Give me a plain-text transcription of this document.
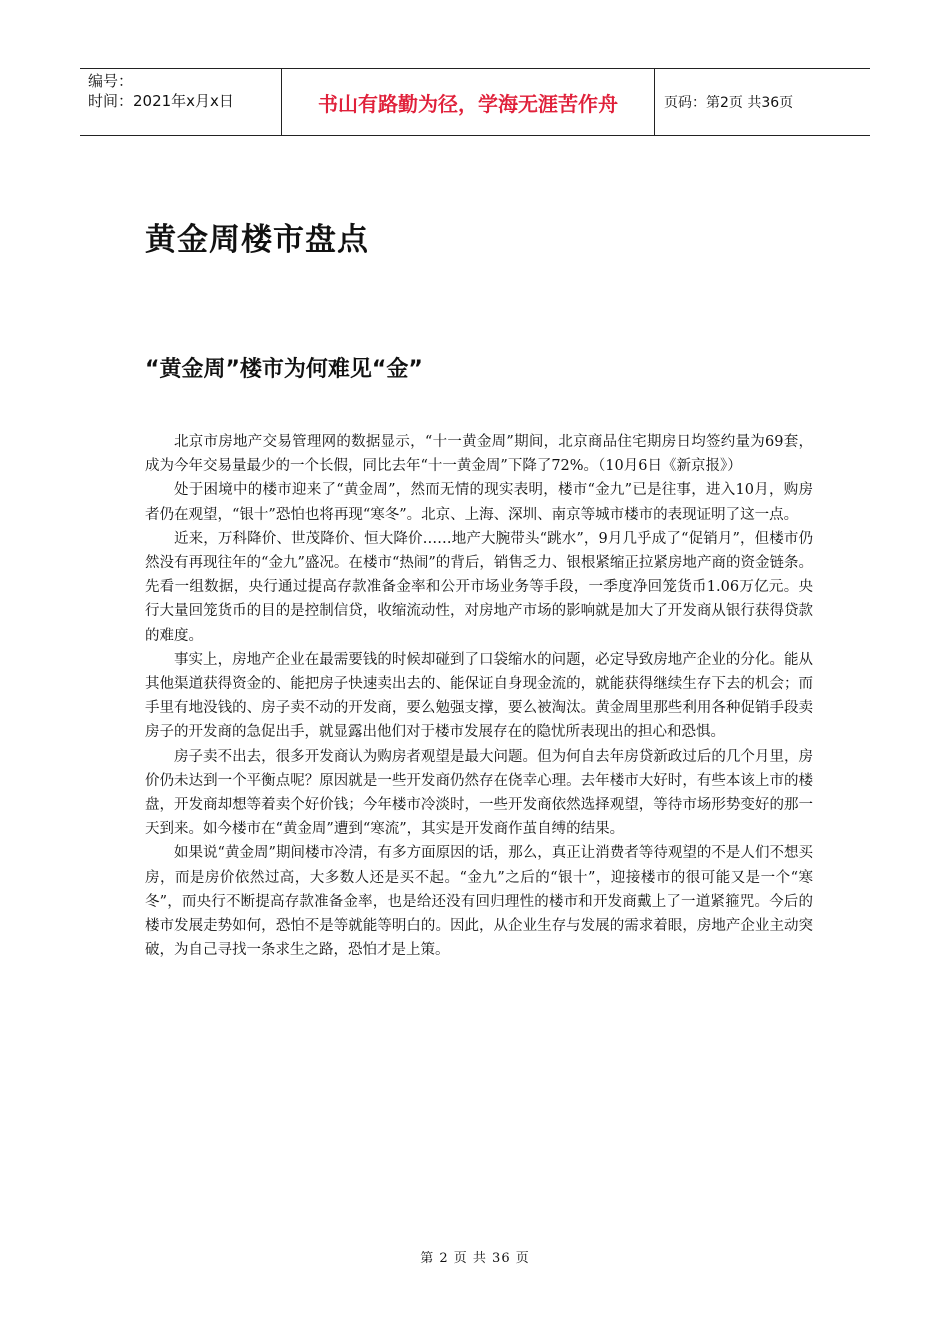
编号：
时间：2021年x月x日	书山有路勤为径，学海无涯苦作舟	页码：第2页 共36页
黄金周楼市盘点
“黄金周”楼市为何难见“金”

北京市房地产交易管理网的数据显示，“十一黄金周”期间，北京商品住宅期房日均签约量为69套，成为今年交易量最少的一个长假，同比去年“十一黄金周”下降了72%。（10月6日《新京报》）

处于困境中的楼市迎来了“黄金周”，然而无情的现实表明，楼市“金九”已是往事，进入10月，购房者仍在观望，“银十”恐怕也将再现“寒冬”。北京、上海、深圳、南京等城市楼市的表现证明了这一点。

近来，万科降价、世茂降价、恒大降价……地产大腕带头“跳水”，9月几乎成了“促销月”，但楼市仍然没有再现往年的“金九”盛况。在楼市“热闹”的背后，销售乏力、银根紧缩正拉紧房地产商的资金链条。先看一组数据，央行通过提高存款准备金率和公开市场业务等手段，一季度净回笼货币1.06万亿元。央行大量回笼货币的目的是控制信贷，收缩流动性，对房地产市场的影响就是加大了开发商从银行获得贷款的难度。

事实上，房地产企业在最需要钱的时候却碰到了口袋缩水的问题，必定导致房地产企业的分化。能从其他渠道获得资金的、能把房子快速卖出去的、能保证自身现金流的，就能获得继续生存下去的机会；而手里有地没钱的、房子卖不动的开发商，要么勉强支撑，要么被淘汰。黄金周里那些利用各种促销手段卖房子的开发商的急促出手，就显露出他们对于楼市发展存在的隐忧所表现出的担心和恐惧。

房子卖不出去，很多开发商认为购房者观望是最大问题。但为何自去年房贷新政过后的几个月里，房价仍未达到一个平衡点呢？原因就是一些开发商仍然存在侥幸心理。去年楼市大好时，有些本该上市的楼盘，开发商却想等着卖个好价钱；今年楼市冷淡时，一些开发商依然选择观望，等待市场形势变好的那一天到来。如今楼市在“黄金周”遭到“寒流”，其实是开发商作茧自缚的结果。

如果说“黄金周”期间楼市冷清，有多方面原因的话，那么，真正让消费者等待观望的不是人们不想买房，而是房价依然过高，大多数人还是买不起。“金九”之后的“银十”，迎接楼市的很可能又是一个“寒冬”，而央行不断提高存款准备金率，也是给还没有回归理性的楼市和开发商戴上了一道紧箍咒。今后的楼市发展走势如何，恐怕不是等就能等明白的。因此，从企业生存与发展的需求着眼，房地产企业主动突破，为自己寻找一条求生之路，恐怕才是上策。

第 2 页 共 36 页
